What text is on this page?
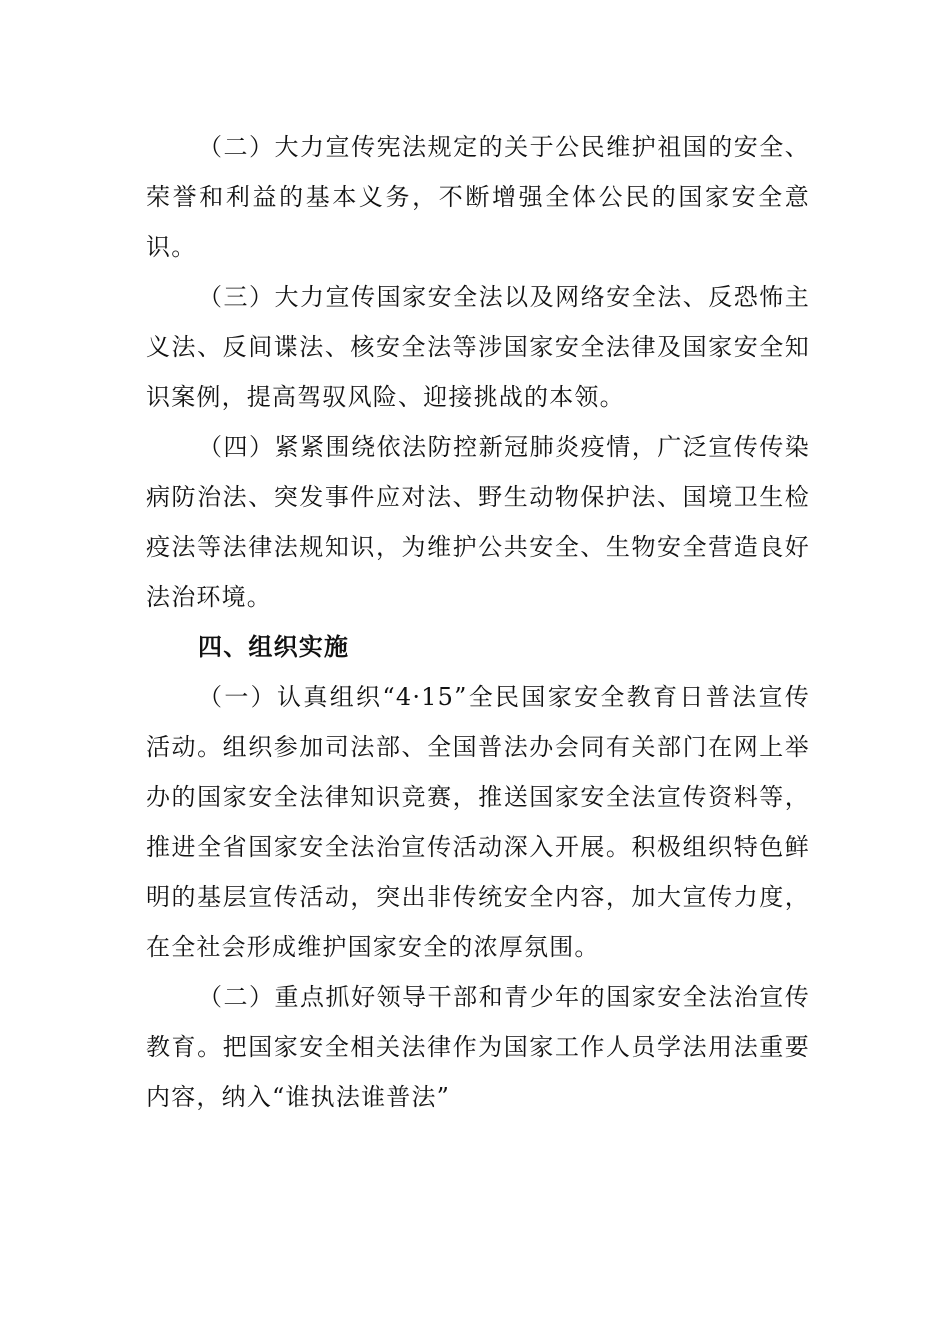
（二）大力宣传宪法规定的关于公民维护祖国的安全、荣誉和利益的基本义务，不断增强全体公民的国家安全意识。

（三）大力宣传国家安全法以及网络安全法、反恐怖主义法、反间谍法、核安全法等涉国家安全法律及国家安全知识案例，提高驾驭风险、迎接挑战的本领。

（四）紧紧围绕依法防控新冠肺炎疫情，广泛宣传传染病防治法、突发事件应对法、野生动物保护法、国境卫生检疫法等法律法规知识，为维护公共安全、生物安全营造良好法治环境。

四、组织实施

（一）认真组织“4·15”全民国家安全教育日普法宣传活动。组织参加司法部、全国普法办会同有关部门在网上举办的国家安全法律知识竞赛，推送国家安全法宣传资料等，推进全省国家安全法治宣传活动深入开展。积极组织特色鲜明的基层宣传活动，突出非传统安全内容，加大宣传力度，在全社会形成维护国家安全的浓厚氛围。

（二）重点抓好领导干部和青少年的国家安全法治宣传教育。把国家安全相关法律作为国家工作人员学法用法重要内容，纳入“谁执法谁普法”
